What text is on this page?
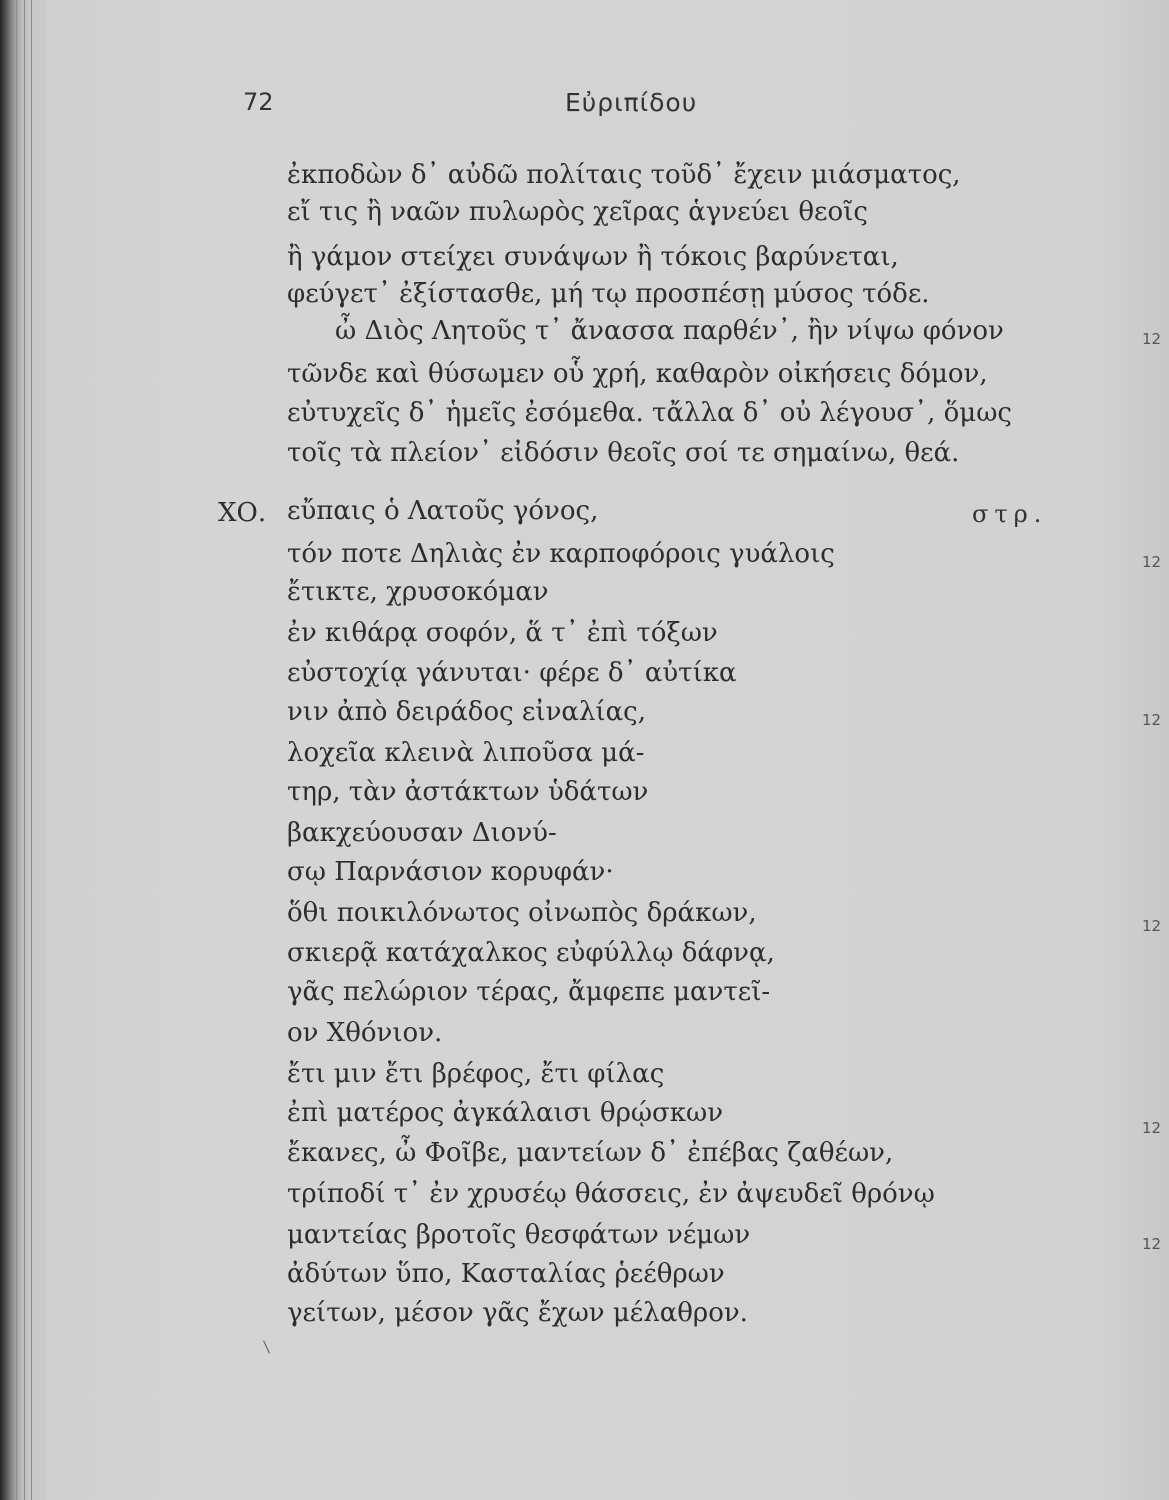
72	Εὐριπίδου
ἐκποδὼν δ᾽ αὐδῶ πολίταις τοῦδ᾽ ἔχειν μιάσματος,
εἴ τις ἢ ναῶν πυλωρὸς χεῖρας ἁγνεύει θεοῖς
ἢ γάμον στείχει συνάψων ἢ τόκοις βαρύνεται,
φεύγετ᾽ ἐξίστασθε, μή τῳ προσπέσῃ μύσος τόδε.
ὦ Διὸς Λητοῦς τ᾽ ἄνασσα παρθέν᾽, ἢν νίψω φόνον
τῶνδε καὶ θύσωμεν οὗ χρή, καθαρὸν οἰκήσεις δόμον,
εὐτυχεῖς δ᾽ ἡμεῖς ἐσόμεθα. τἄλλα δ᾽ οὐ λέγουσ᾽, ὅμως
τοῖς τὰ πλείον᾽ εἰδόσιν θεοῖς σοί τε σημαίνω, θεά.
ΧΟ. εὔπαις ὁ Λατοῦς γόνος,	στρ.
τόν ποτε Δηλιὰς ἐν καρποφόροις γυάλοις
ἔτικτε, χρυσοκόμαν
ἐν κιθάρᾳ σοφόν, ἅ τ᾽ ἐπὶ τόξων
εὐστοχίᾳ γάνυται· φέρε δ᾽ αὐτίκα
νιν ἀπὸ δειράδος εἰναλίας,
λοχεῖα κλεινὰ λιποῦσα μά-
τηρ, τὰν ἀστάκτων ὑδάτων
βακχεύουσαν Διονύ-
σῳ Παρνάσιον κορυφάν·
ὅθι ποικιλόνωτος οἰνωπὸς δράκων,
σκιερᾷ κατάχαλκος εὐφύλλῳ δάφνᾳ,
γᾶς πελώριον τέρας, ἄμφεπε μαντεῖ-
ον Χθόνιον.
ἔτι μιν ἔτι βρέφος, ἔτι φίλας
ἐπὶ ματέρος ἀγκάλαισι θρῴσκων
ἔκανες, ὦ Φοῖβε, μαντείων δ᾽ ἐπέβας ζαθέων,
τρίποδί τ᾽ ἐν χρυσέῳ θάσσεις, ἐν ἀψευδεῖ θρόνῳ
μαντείας βροτοῖς θεσφάτων νέμων
ἀδύτων ὕπο, Κασταλίας ῥεέθρων
γείτων, μέσον γᾶς ἔχων μέλαθρον.
12
12
12
12
12
12
